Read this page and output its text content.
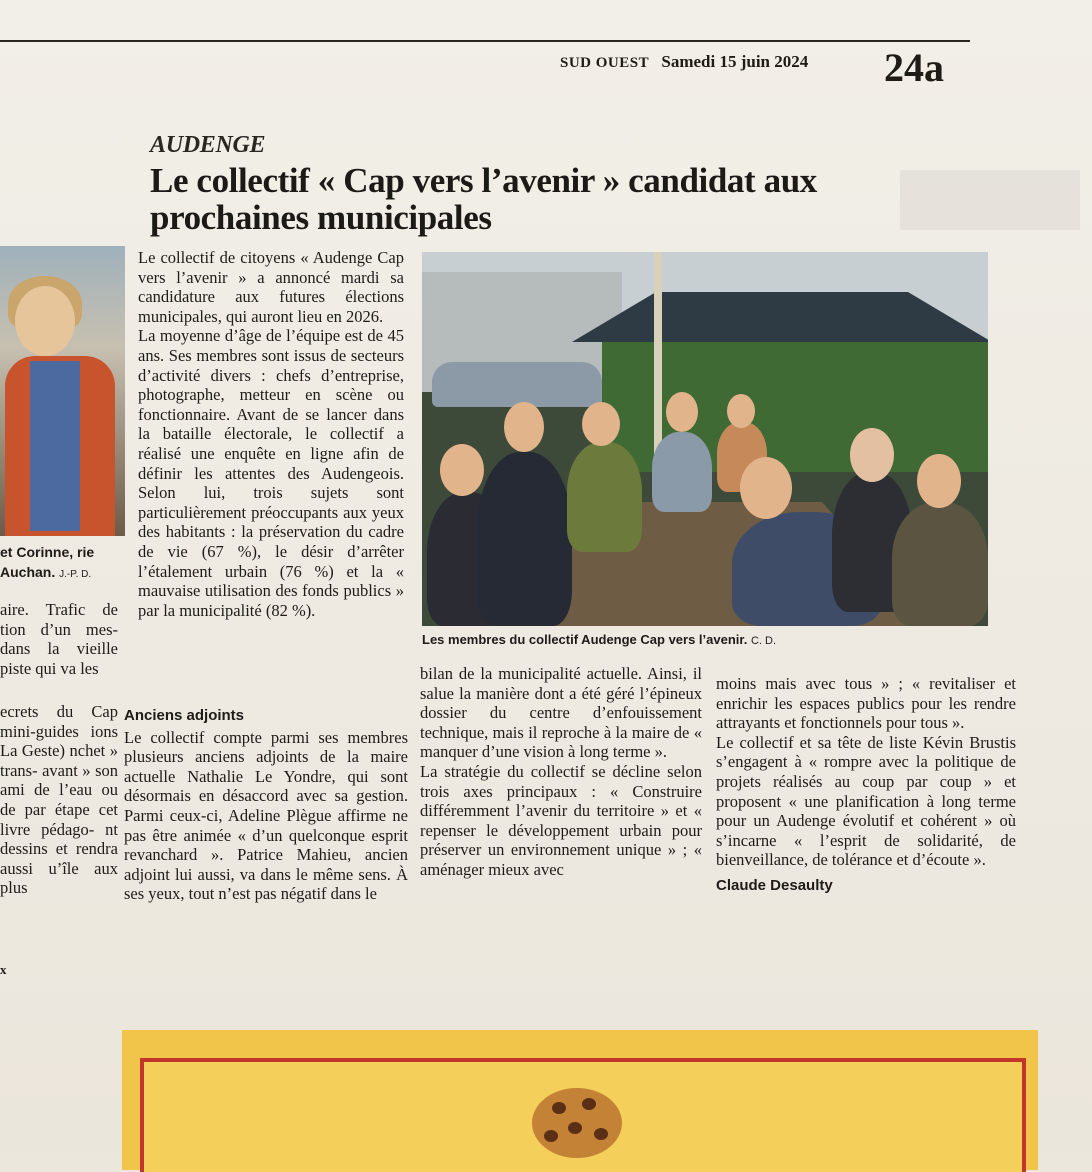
SUD OUEST Samedi 15 juin 2024 24a
AUDENGE
Le collectif « Cap vers l’avenir » candidat aux prochaines municipales
et Corinne, rie Auchan. J.-P. D.

aire. Trafic de tion d’un mes- dans la vieille piste qui va les

ecrets du Cap mini-guides ions La Geste) nchet » trans- avant » son ami de l’eau ou de par étape cet livre pédago- nt dessins et rendra aussi u’île aux plus

x

Le collectif de citoyens « Audenge Cap vers l’avenir » a annoncé mardi sa candidature aux futures élections municipales, qui auront lieu en 2026.

La moyenne d’âge de l’équipe est de 45 ans. Ses membres sont issus de secteurs d’activité divers : chefs d’entreprise, photographe, metteur en scène ou fonctionnaire. Avant de se lancer dans la bataille électorale, le collectif a réalisé une enquête en ligne afin de définir les attentes des Audengeois. Selon lui, trois sujets sont particulièrement préoccupants aux yeux des habitants : la préservation du cadre de vie (67 %), le désir d’arrêter l’étalement urbain (76 %) et la « mauvaise utilisation des fonds publics » par la municipalité (82 %).

Anciens adjoints

Le collectif compte parmi ses membres plusieurs anciens adjoints de la maire actuelle Nathalie Le Yondre, qui sont désormais en désaccord avec sa gestion. Parmi ceux-ci, Adeline Plègue affirme ne pas être animée « d’un quelconque esprit revanchard ». Patrice Mahieu, ancien adjoint lui aussi, va dans le même sens. À ses yeux, tout n’est pas négatif dans le

Les membres du collectif Audenge Cap vers l’avenir. C. D.

bilan de la municipalité actuelle. Ainsi, il salue la manière dont a été géré l’épineux dossier du centre d’enfouissement technique, mais il reproche à la maire de « manquer d’une vision à long terme ».

La stratégie du collectif se décline selon trois axes principaux : « Construire différemment l’avenir du territoire » et « repenser le développement urbain pour préserver un environnement unique » ; « aménager mieux avec

moins mais avec tous » ; « revitaliser et enrichir les espaces publics pour les rendre attrayants et fonctionnels pour tous ».

Le collectif et sa tête de liste Kévin Brustis s’engagent à « rompre avec la politique de projets réalisés au coup par coup » et proposent « une planification à long terme pour un Audenge évolutif et cohérent » où s’incarne « l’esprit de solidarité, de bienveillance, de tolérance et d’écoute ».

Claude Desaulty
